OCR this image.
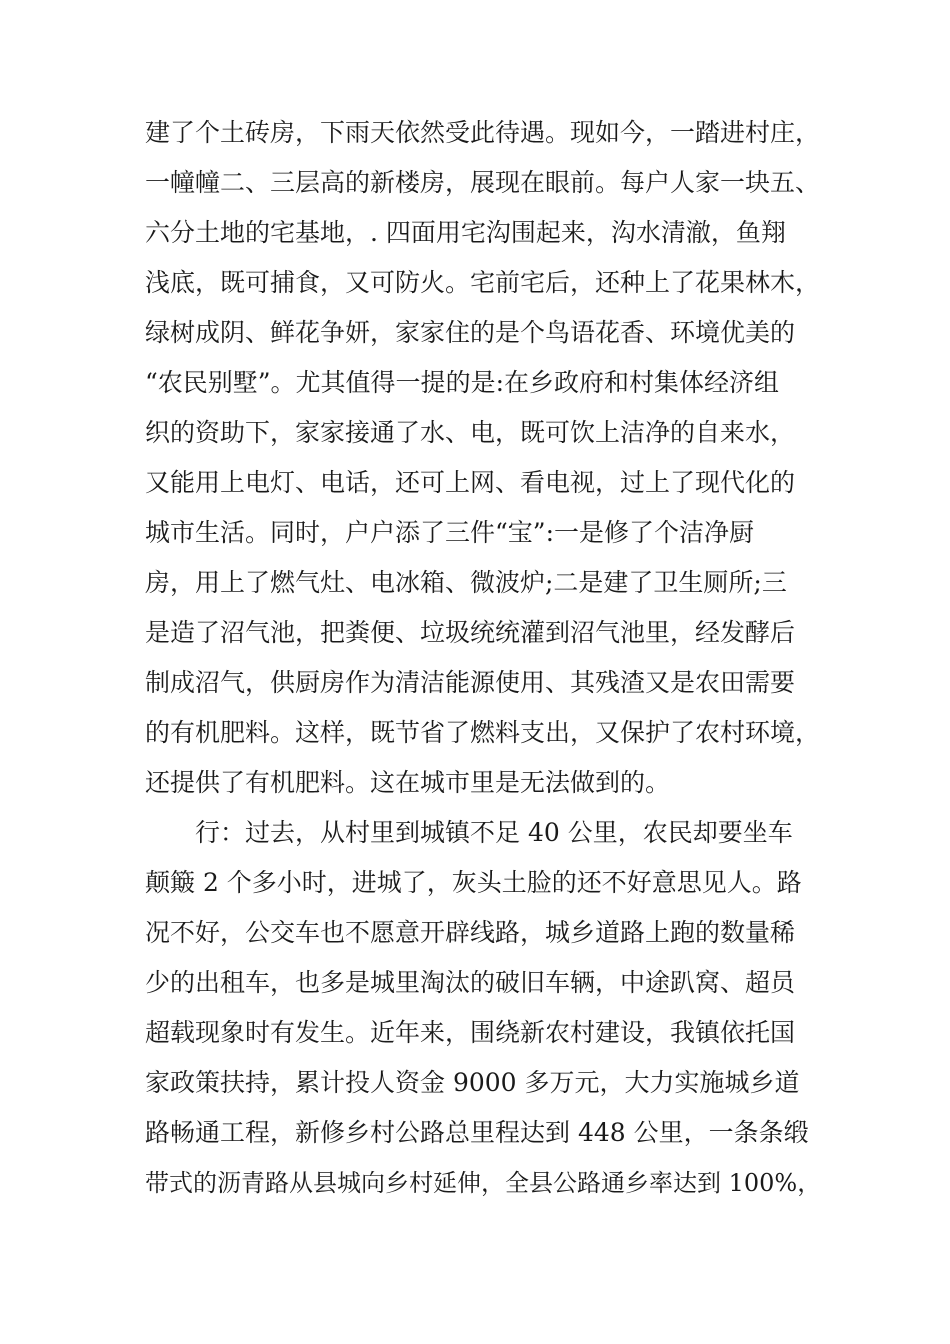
建了个土砖房，下雨天依然受此待遇。现如今，一踏进村庄，
一幢幢二、三层高的新楼房，展现在眼前。每户人家一块五、
六分土地的宅基地，. 四面用宅沟围起来，沟水清澈，鱼翔
浅底，既可捕食，又可防火。宅前宅后，还种上了花果林木，
绿树成阴、鲜花争妍，家家住的是个鸟语花香、环境优美的
“农民别墅”。尤其值得一提的是:在乡政府和村集体经济组
织的资助下，家家接通了水、电，既可饮上洁净的自来水，
又能用上电灯、电话，还可上网、看电视，过上了现代化的
城市生活。同时，户户添了三件“宝”:一是修了个洁净厨
房，用上了燃气灶、电冰箱、微波炉;二是建了卫生厕所;三
是造了沼气池，把粪便、垃圾统统灌到沼气池里，经发酵后
制成沼气，供厨房作为清洁能源使用、其残渣又是农田需要
的有机肥料。这样，既节省了燃料支出，又保护了农村环境，
还提供了有机肥料。这在城市里是无法做到的。
行：过去，从村里到城镇不足 40 公里，农民却要坐车
颠簸 2 个多小时，进城了，灰头土脸的还不好意思见人。路
况不好，公交车也不愿意开辟线路，城乡道路上跑的数量稀
少的出租车，也多是城里淘汰的破旧车辆，中途趴窝、超员
超载现象时有发生。近年来，围绕新农村建设，我镇依托国
家政策扶持，累计投人资金 9000 多万元，大力实施城乡道
路畅通工程，新修乡村公路总里程达到 448 公里，一条条缎
带式的沥青路从县城向乡村延伸，全县公路通乡率达到 100%，
